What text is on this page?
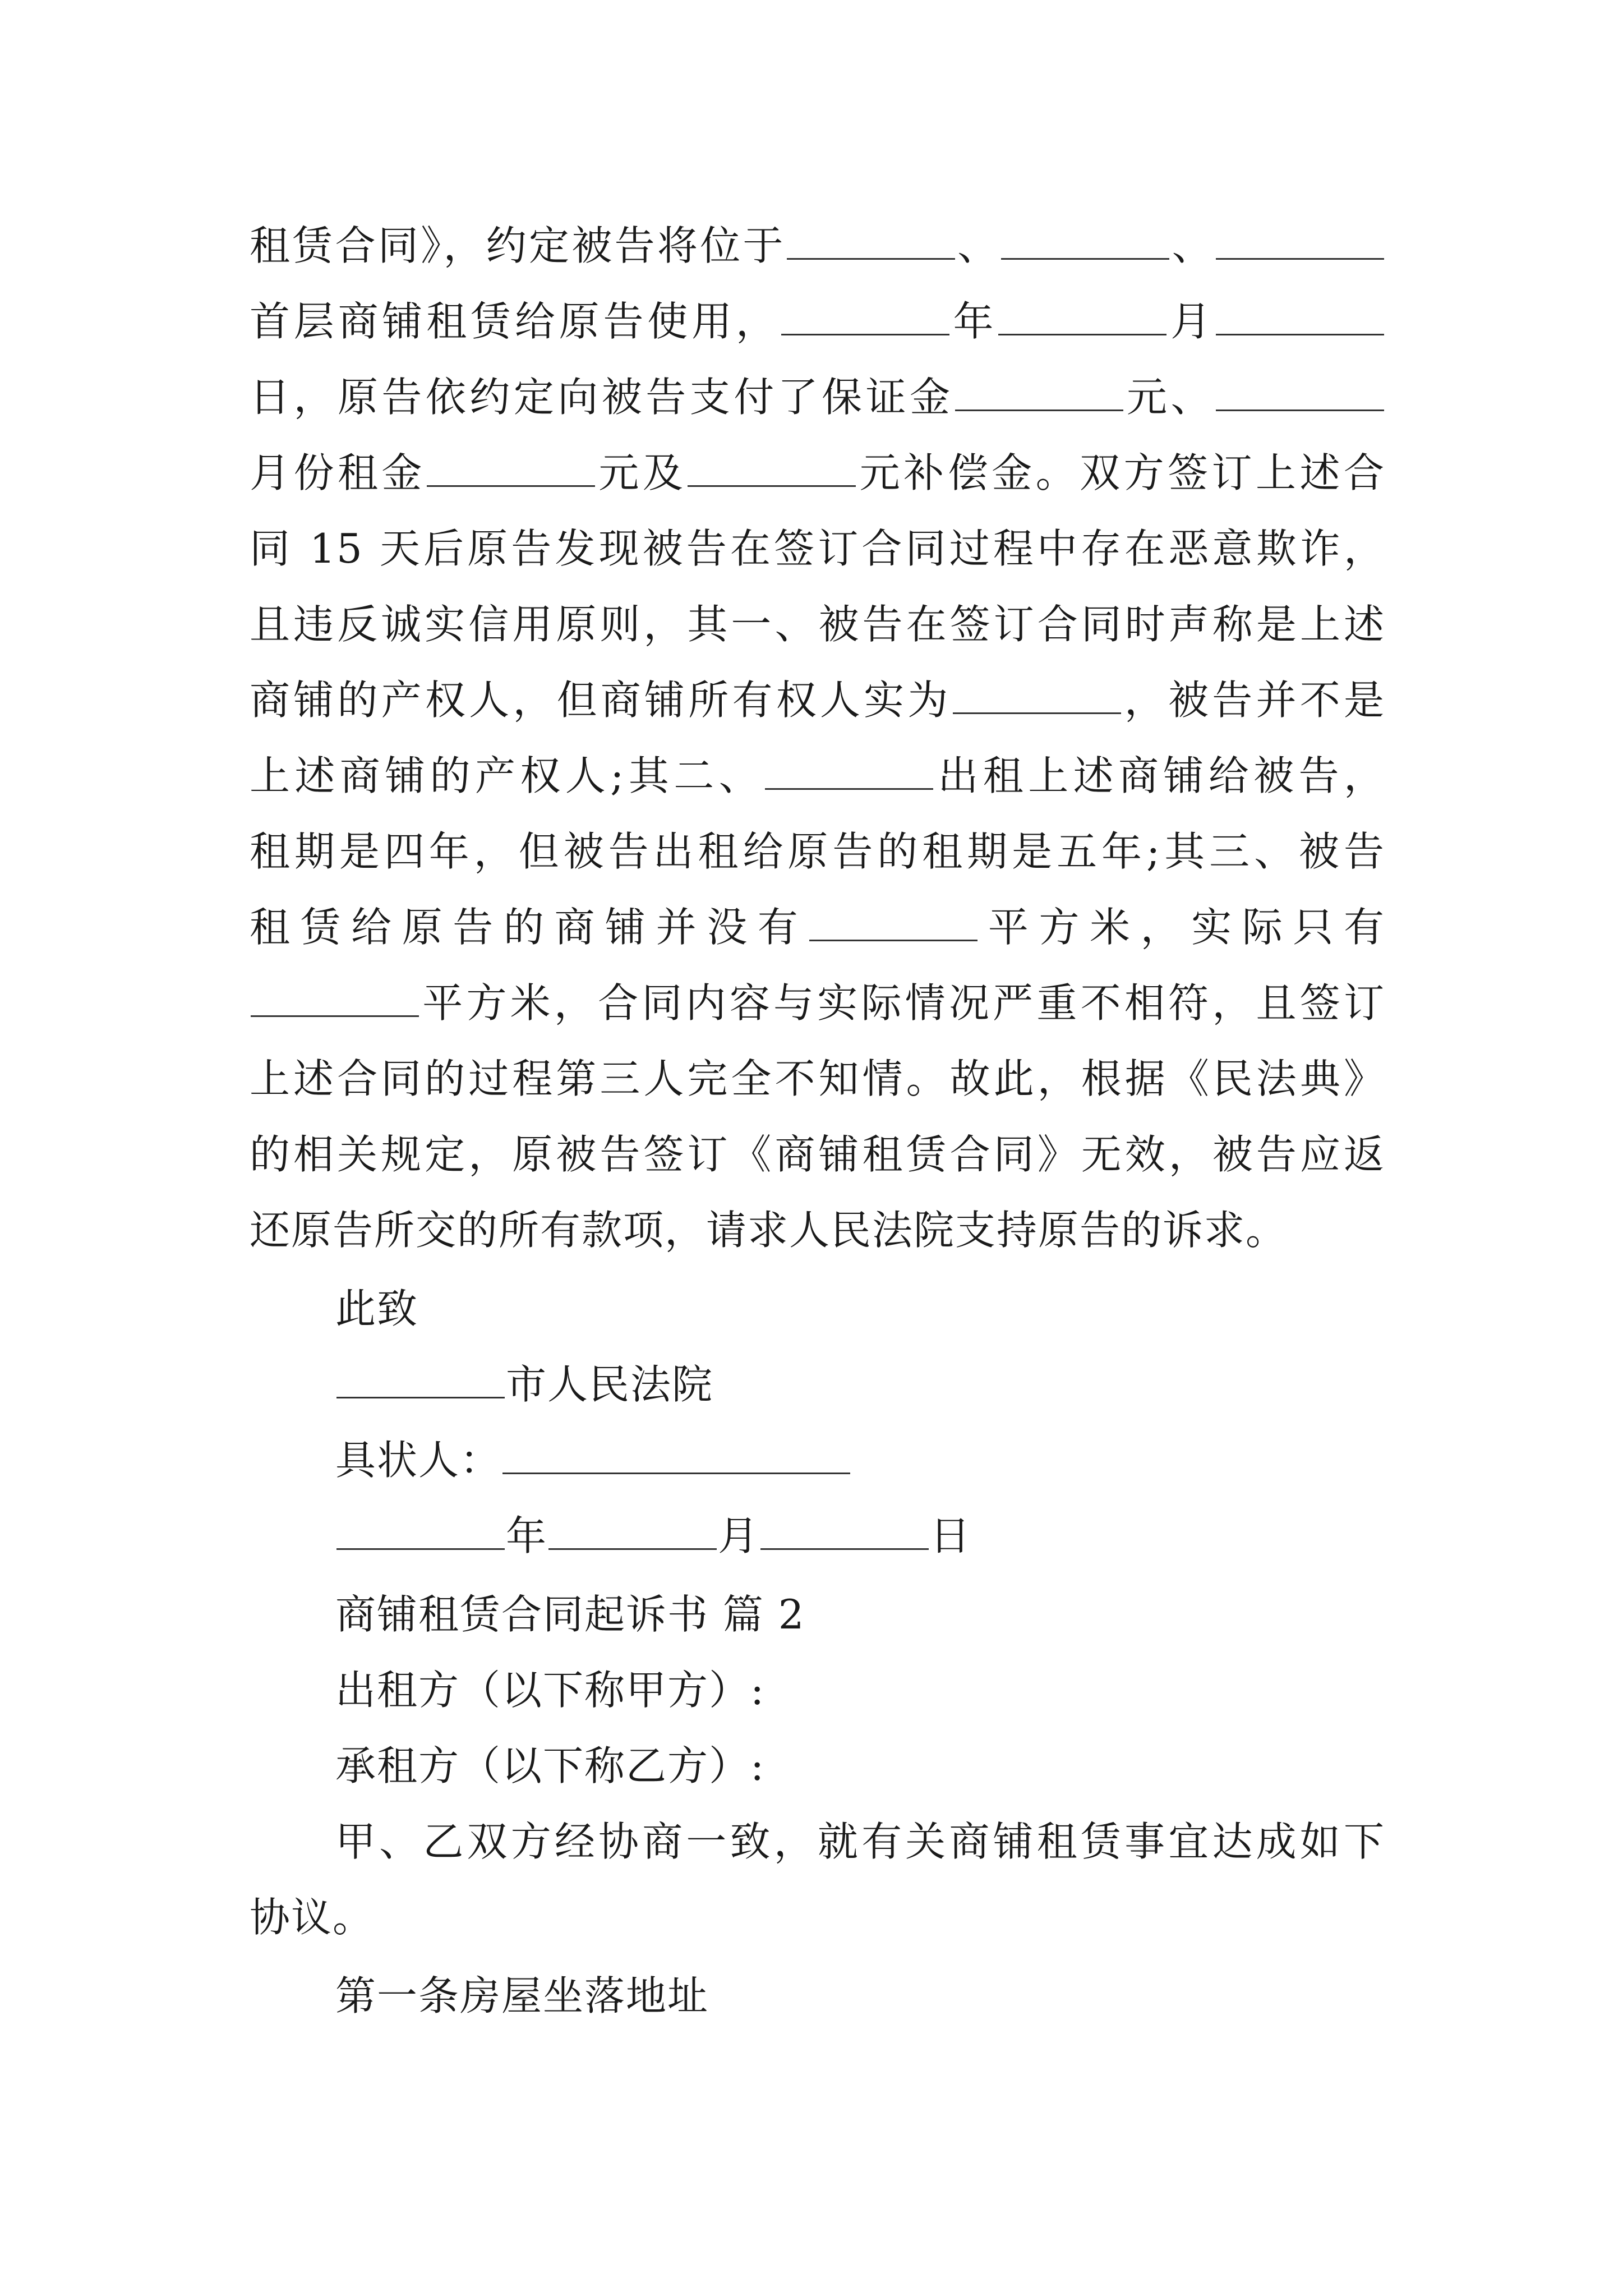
租赁合同》，约定被告将位于	、	、
首层商铺租赁给原告使用，	年	月
日，原告依约定向被告支付了保证金	元、
月份租金	元及	元补偿金。双方签订上述合
同 15 天后原告发现被告在签订合同过程中存在恶意欺诈，
且违反诚实信用原则，其一、被告在签订合同时声称是上述
商铺的产权人，但商铺所有权人实为	，被告并不是
上述商铺的产权人;其二、	出租上述商铺给被告，
租期是四年，但被告出租给原告的租期是五年;其三、被告
租赁给原告的商铺并没有	平方米，实际只有
平方米，合同内容与实际情况严重不相符，且签订
上述合同的过程第三人完全不知情。故此，根据《民法典》
的相关规定，原被告签订《商铺租赁合同》无效，被告应返
还原告所交的所有款项，请求人民法院支持原告的诉求。
此致
市人民法院
具状人：
年	月	日
商铺租赁合同起诉书 篇 2
出租方（以下称甲方）:
承租方（以下称乙方）:
甲、乙双方经协商一致，就有关商铺租赁事宜达成如下
协议。
第一条房屋坐落地址
